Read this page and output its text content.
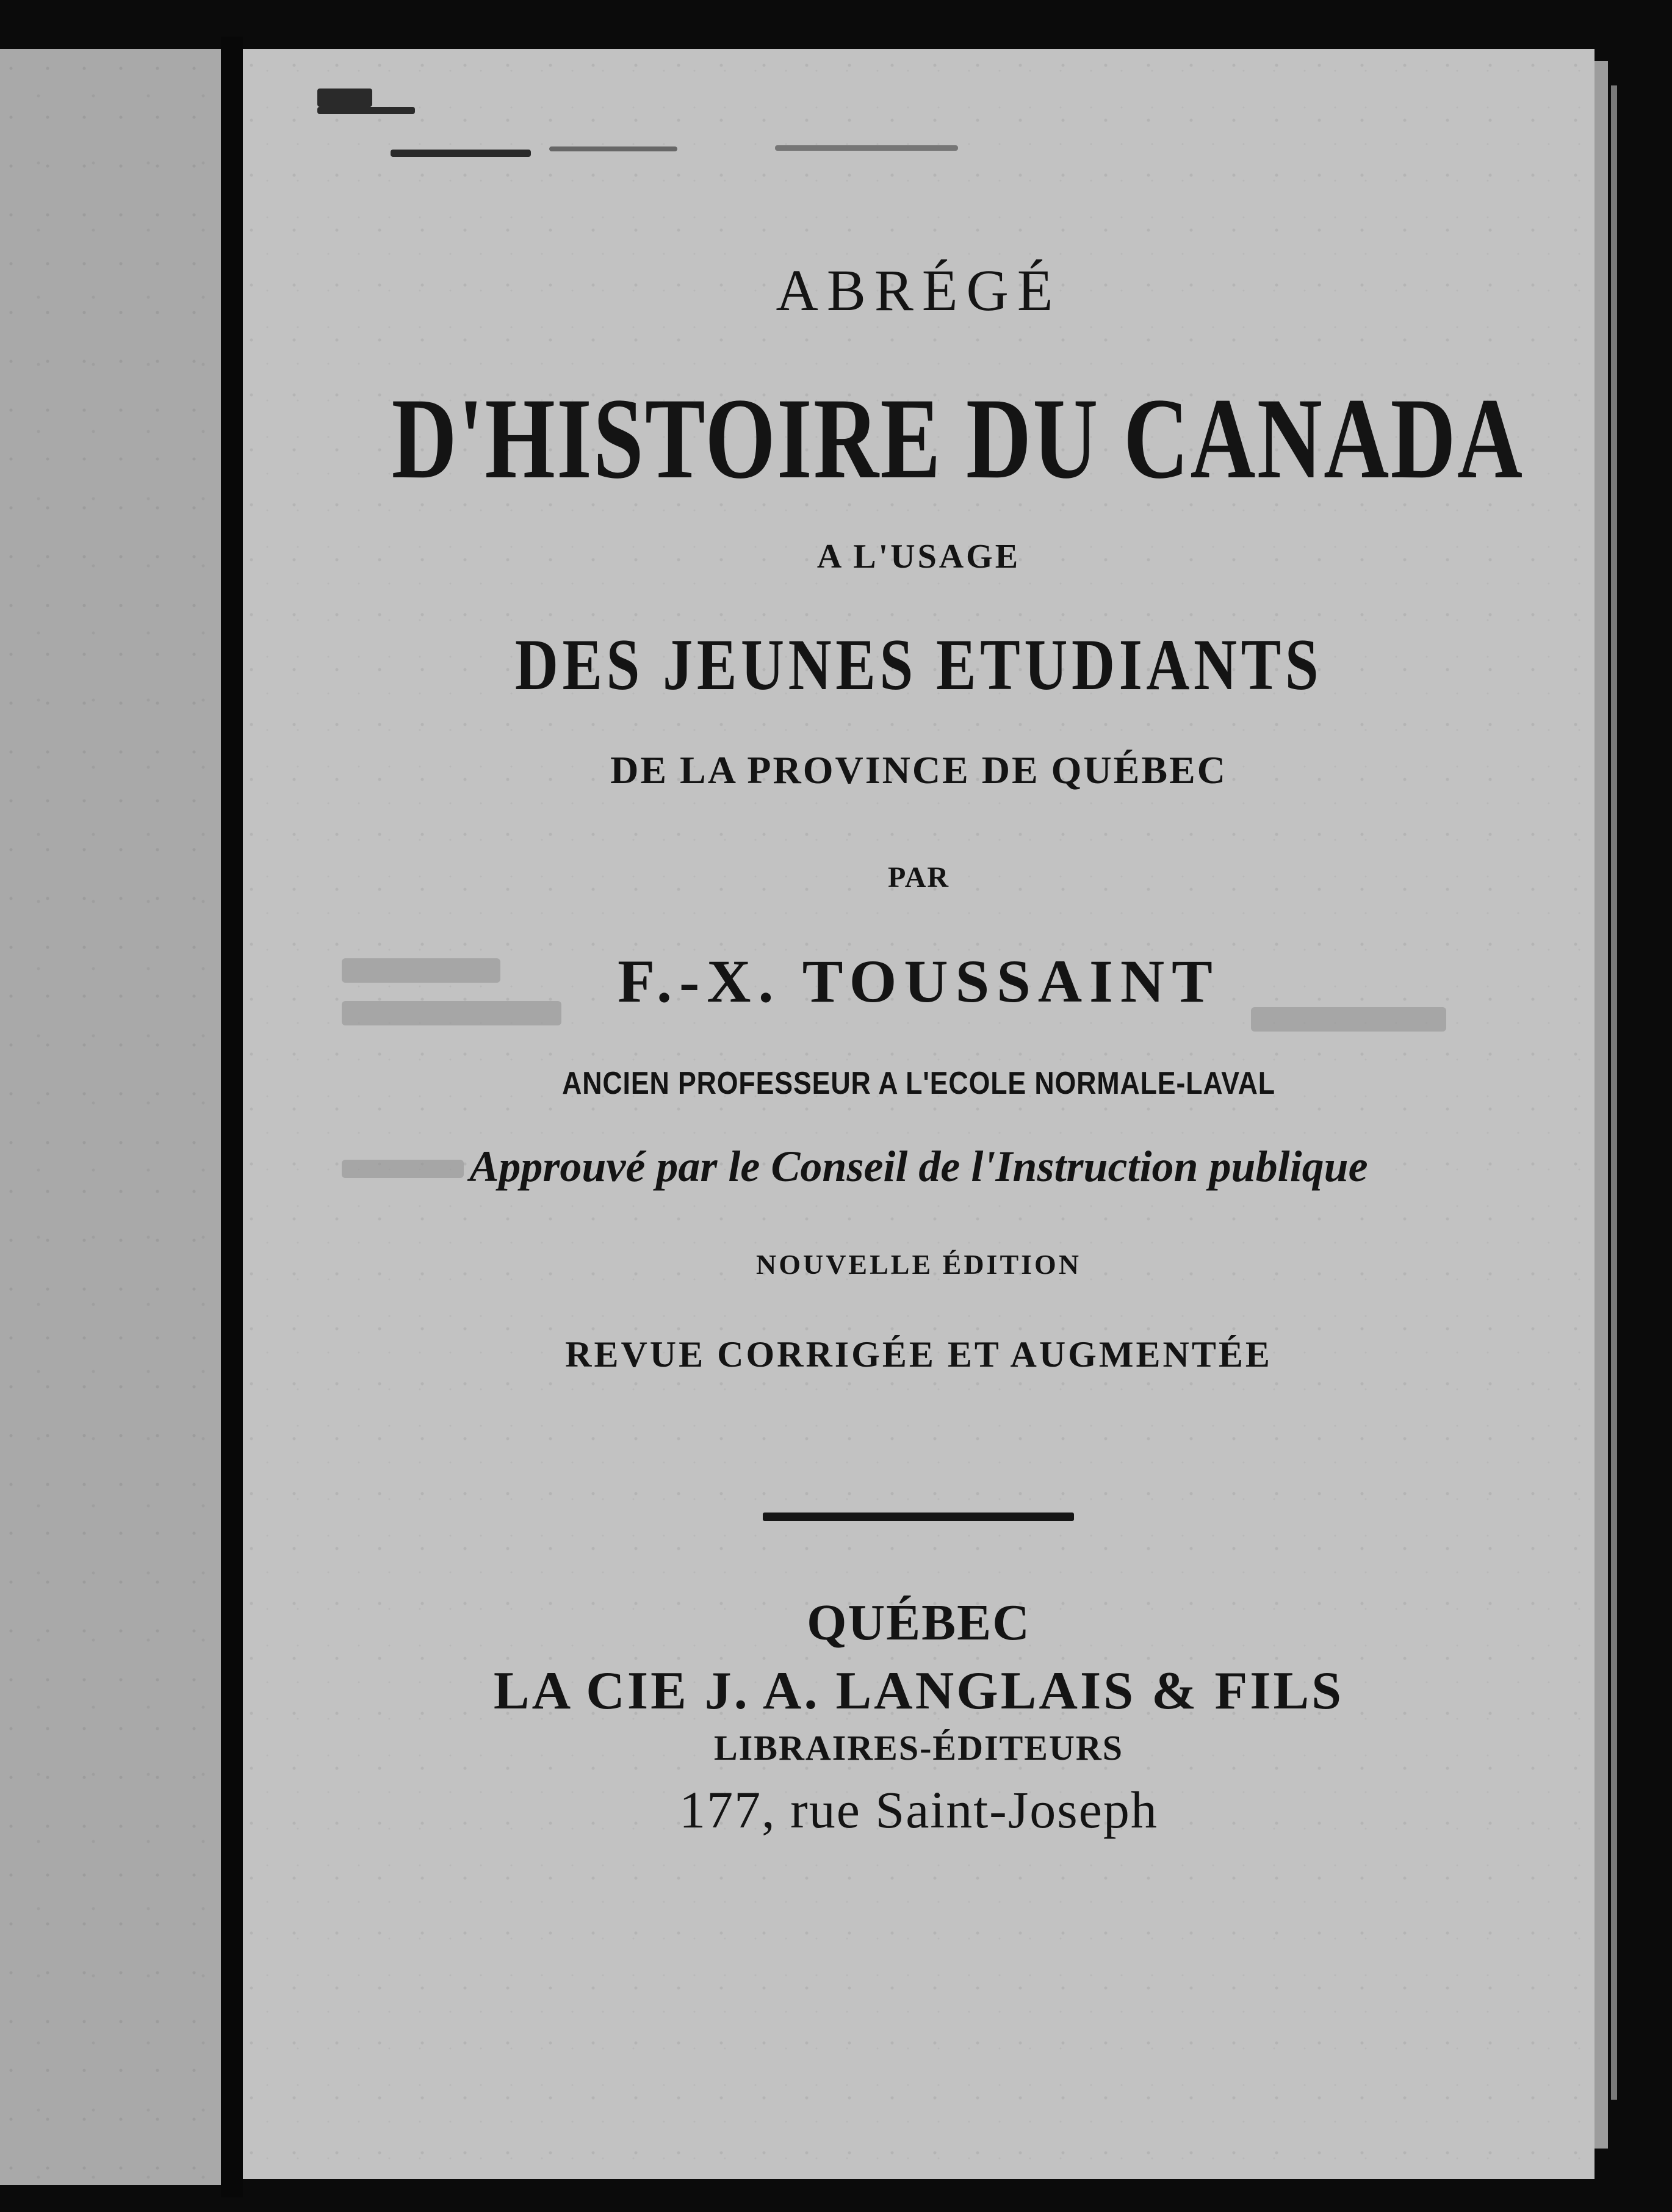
ABRÉGÉ
D'HISTOIRE DU CANADA

A L'USAGE

DES JEUNES ETUDIANTS

DE LA PROVINCE DE QUÉBEC

PAR

F.-X. TOUSSAINT

ANCIEN PROFESSEUR A L'ECOLE NORMALE-LAVAL

Approuvé par le Conseil de l'Instruction publique

NOUVELLE ÉDITION

REVUE CORRIGÉE ET AUGMENTÉE

QUÉBEC

LA CIE J. A. LANGLAIS & FILS

LIBRAIRES-ÉDITEURS

177, rue Saint-Joseph
